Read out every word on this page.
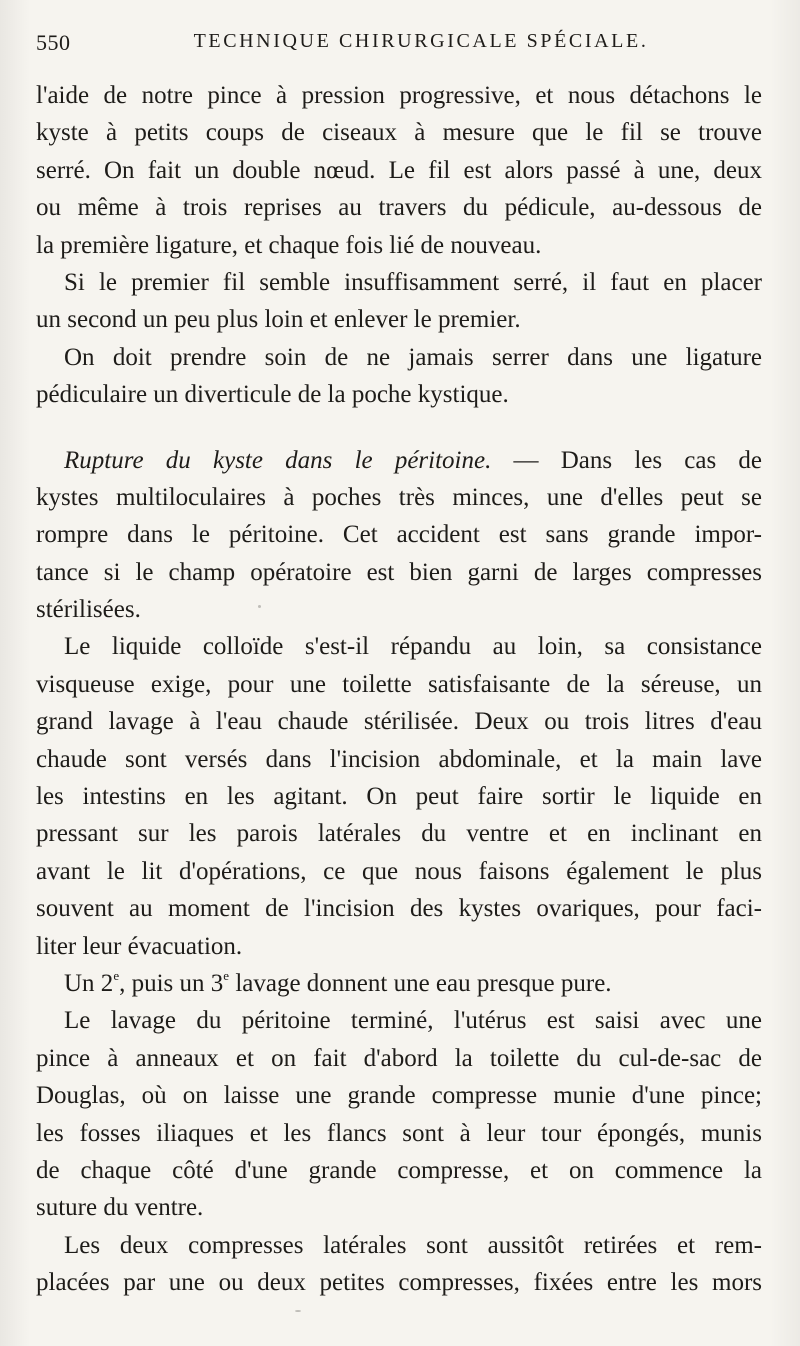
550	TECHNIQUE CHIRURGICALE SPÉCIALE.
l'aide de notre pince à pression progressive, et nous détachons le
kyste à petits coups de ciseaux à mesure que le fil se trouve
serré. On fait un double nœud. Le fil est alors passé à une, deux
ou même à trois reprises au travers du pédicule, au-dessous de
la première ligature, et chaque fois lié de nouveau.
Si le premier fil semble insuffisamment serré, il faut en placer
un second un peu plus loin et enlever le premier.
On doit prendre soin de ne jamais serrer dans une ligature
pédiculaire un diverticule de la poche kystique.
Rupture du kyste dans le péritoine. — Dans les cas de
kystes multiloculaires à poches très minces, une d'elles peut se
rompre dans le péritoine. Cet accident est sans grande impor-
tance si le champ opératoire est bien garni de larges compresses
stérilisées.
Le liquide colloïde s'est-il répandu au loin, sa consistance
visqueuse exige, pour une toilette satisfaisante de la séreuse, un
grand lavage à l'eau chaude stérilisée. Deux ou trois litres d'eau
chaude sont versés dans l'incision abdominale, et la main lave
les intestins en les agitant. On peut faire sortir le liquide en
pressant sur les parois latérales du ventre et en inclinant en
avant le lit d'opérations, ce que nous faisons également le plus
souvent au moment de l'incision des kystes ovariques, pour faci-
liter leur évacuation.
Un 2e, puis un 3e lavage donnent une eau presque pure.
Le lavage du péritoine terminé, l'utérus est saisi avec une
pince à anneaux et on fait d'abord la toilette du cul-de-sac de
Douglas, où on laisse une grande compresse munie d'une pince;
les fosses iliaques et les flancs sont à leur tour épongés, munis
de chaque côté d'une grande compresse, et on commence la
suture du ventre.
Les deux compresses latérales sont aussitôt retirées et rem-
placées par une ou deux petites compresses, fixées entre les mors
